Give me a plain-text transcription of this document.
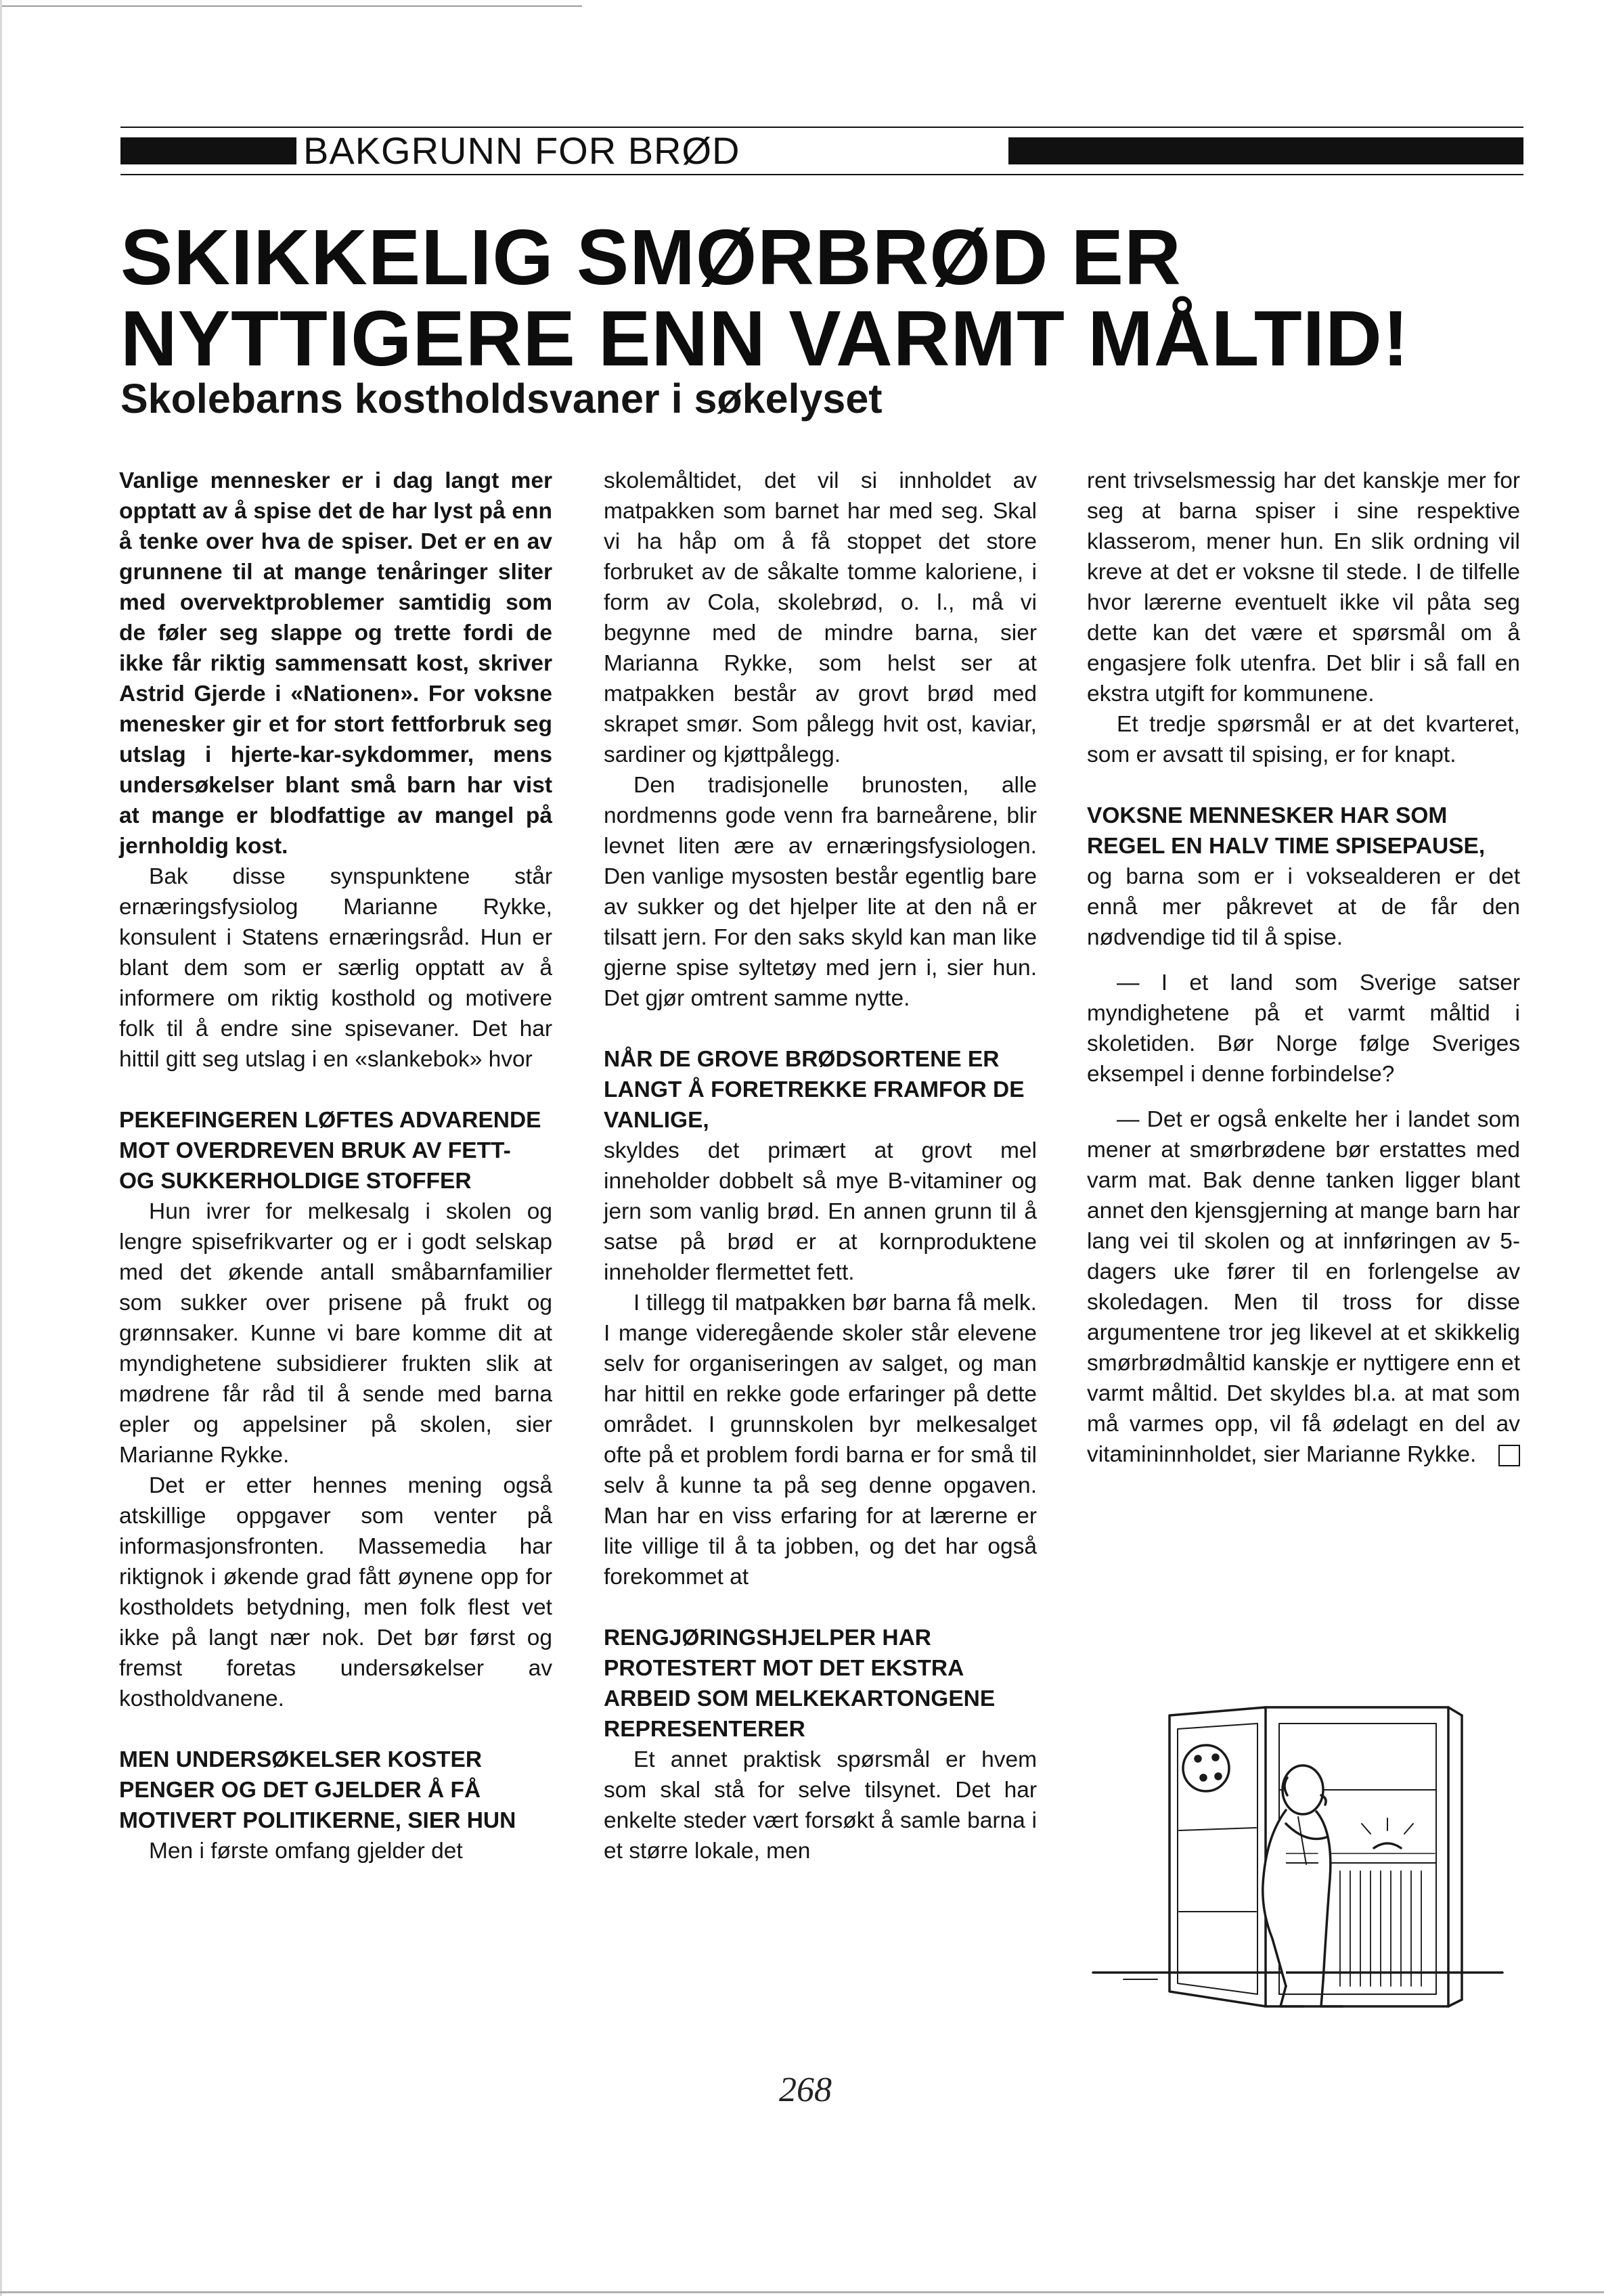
BAKGRUNN FOR BRØD
SKIKKELIG SMØRBRØD ER
NYTTIGERE ENN VARMT MÅLTID!
Skolebarns kostholdsvaner i søkelyset

Vanlige mennesker er i dag langt mer opptatt av å spise det de har lyst på enn å tenke over hva de spiser. Det er en av grunnene til at mange tenåringer sliter med overvektproblemer samtidig som de føler seg slappe og trette fordi de ikke får riktig sammensatt kost, skriver Astrid Gjerde i «Nationen». For voksne menesker gir et for stort fettforbruk seg utslag i hjerte-kar-sykdommer, mens undersøkelser blant små barn har vist at mange er blodfattige av mangel på jernholdig kost.

Bak disse synspunktene står ernæringsfysiolog Marianne Rykke, konsulent i Statens ernæringsråd. Hun er blant dem som er særlig opptatt av å informere om riktig kosthold og motivere folk til å endre sine spisevaner. Det har hittil gitt seg utslag i en «slankebok» hvor

PEKEFINGEREN LØFTES ADVARENDE MOT OVERDREVEN BRUK AV FETT- OG SUKKERHOLDIGE STOFFER

Hun ivrer for melkesalg i skolen og lengre spisefrikvarter og er i godt selskap med det økende antall småbarnfamilier som sukker over prisene på frukt og grønnsaker. Kunne vi bare komme dit at myndighetene subsidierer frukten slik at mødrene får råd til å sende med barna epler og appelsiner på skolen, sier Marianne Rykke.

Det er etter hennes mening også atskillige oppgaver som venter på informasjonsfronten. Massemedia har riktignok i økende grad fått øynene opp for kostholdets betydning, men folk flest vet ikke på langt nær nok. Det bør først og fremst foretas undersøkelser av kostholdvanene.

MEN UNDERSØKELSER KOSTER PENGER OG DET GJELDER Å FÅ MOTIVERT POLITIKERNE, SIER HUN

Men i første omfang gjelder det

skolemåltidet, det vil si innholdet av matpakken som barnet har med seg. Skal vi ha håp om å få stoppet det store forbruket av de såkalte tomme kaloriene, i form av Cola, skolebrød, o. l., må vi begynne med de mindre barna, sier Marianna Rykke, som helst ser at matpakken består av grovt brød med skrapet smør. Som pålegg hvit ost, kaviar, sardiner og kjøttpålegg.

Den tradisjonelle brunosten, alle nordmenns gode venn fra barneårene, blir levnet liten ære av ernæringsfysiologen. Den vanlige mysosten består egentlig bare av sukker og det hjelper lite at den nå er tilsatt jern. For den saks skyld kan man like gjerne spise syltetøy med jern i, sier hun. Det gjør omtrent samme nytte.

NÅR DE GROVE BRØDSORTENE ER LANGT Å FORETREKKE FRAMFOR DE VANLIGE,

skyldes det primært at grovt mel inneholder dobbelt så mye B-vitaminer og jern som vanlig brød. En annen grunn til å satse på brød er at kornproduktene inneholder flermettet fett.

I tillegg til matpakken bør barna få melk. I mange videregående skoler står elevene selv for organiseringen av salget, og man har hittil en rekke gode erfaringer på dette området. I grunnskolen byr melkesalget ofte på et problem fordi barna er for små til selv å kunne ta på seg denne opgaven. Man har en viss erfaring for at lærerne er lite villige til å ta jobben, og det har også forekommet at

RENGJØRINGSHJELPER HAR PROTESTERT MOT DET EKSTRA ARBEID SOM MELKEKARTONGENE REPRESENTERER

Et annet praktisk spørsmål er hvem som skal stå for selve tilsynet. Det har enkelte steder vært forsøkt å samle barna i et større lokale, men

rent trivselsmessig har det kanskje mer for seg at barna spiser i sine respektive klasserom, mener hun. En slik ordning vil kreve at det er voksne til stede. I de tilfelle hvor lærerne eventuelt ikke vil påta seg dette kan det være et spørsmål om å engasjere folk utenfra. Det blir i så fall en ekstra utgift for kommunene.

Et tredje spørsmål er at det kvarteret, som er avsatt til spising, er for knapt.

VOKSNE MENNESKER HAR SOM REGEL EN HALV TIME SPISEPAUSE,

og barna som er i voksealderen er det ennå mer påkrevet at de får den nødvendige tid til å spise.

— I et land som Sverige satser myndighetene på et varmt måltid i skoletiden. Bør Norge følge Sveriges eksempel i denne forbindelse?

— Det er også enkelte her i landet som mener at smørbrødene bør erstattes med varm mat. Bak denne tanken ligger blant annet den kjensgjerning at mange barn har lang vei til skolen og at innføringen av 5-dagers uke fører til en forlengelse av skoledagen. Men til tross for disse argumentene tror jeg likevel at et skikkelig smørbrødmåltid kanskje er nyttigere enn et varmt måltid. Det skyldes bl.a. at mat som må varmes opp, vil få ødelagt en del av vitamininnholdet, sier Marianne Rykke.

268
